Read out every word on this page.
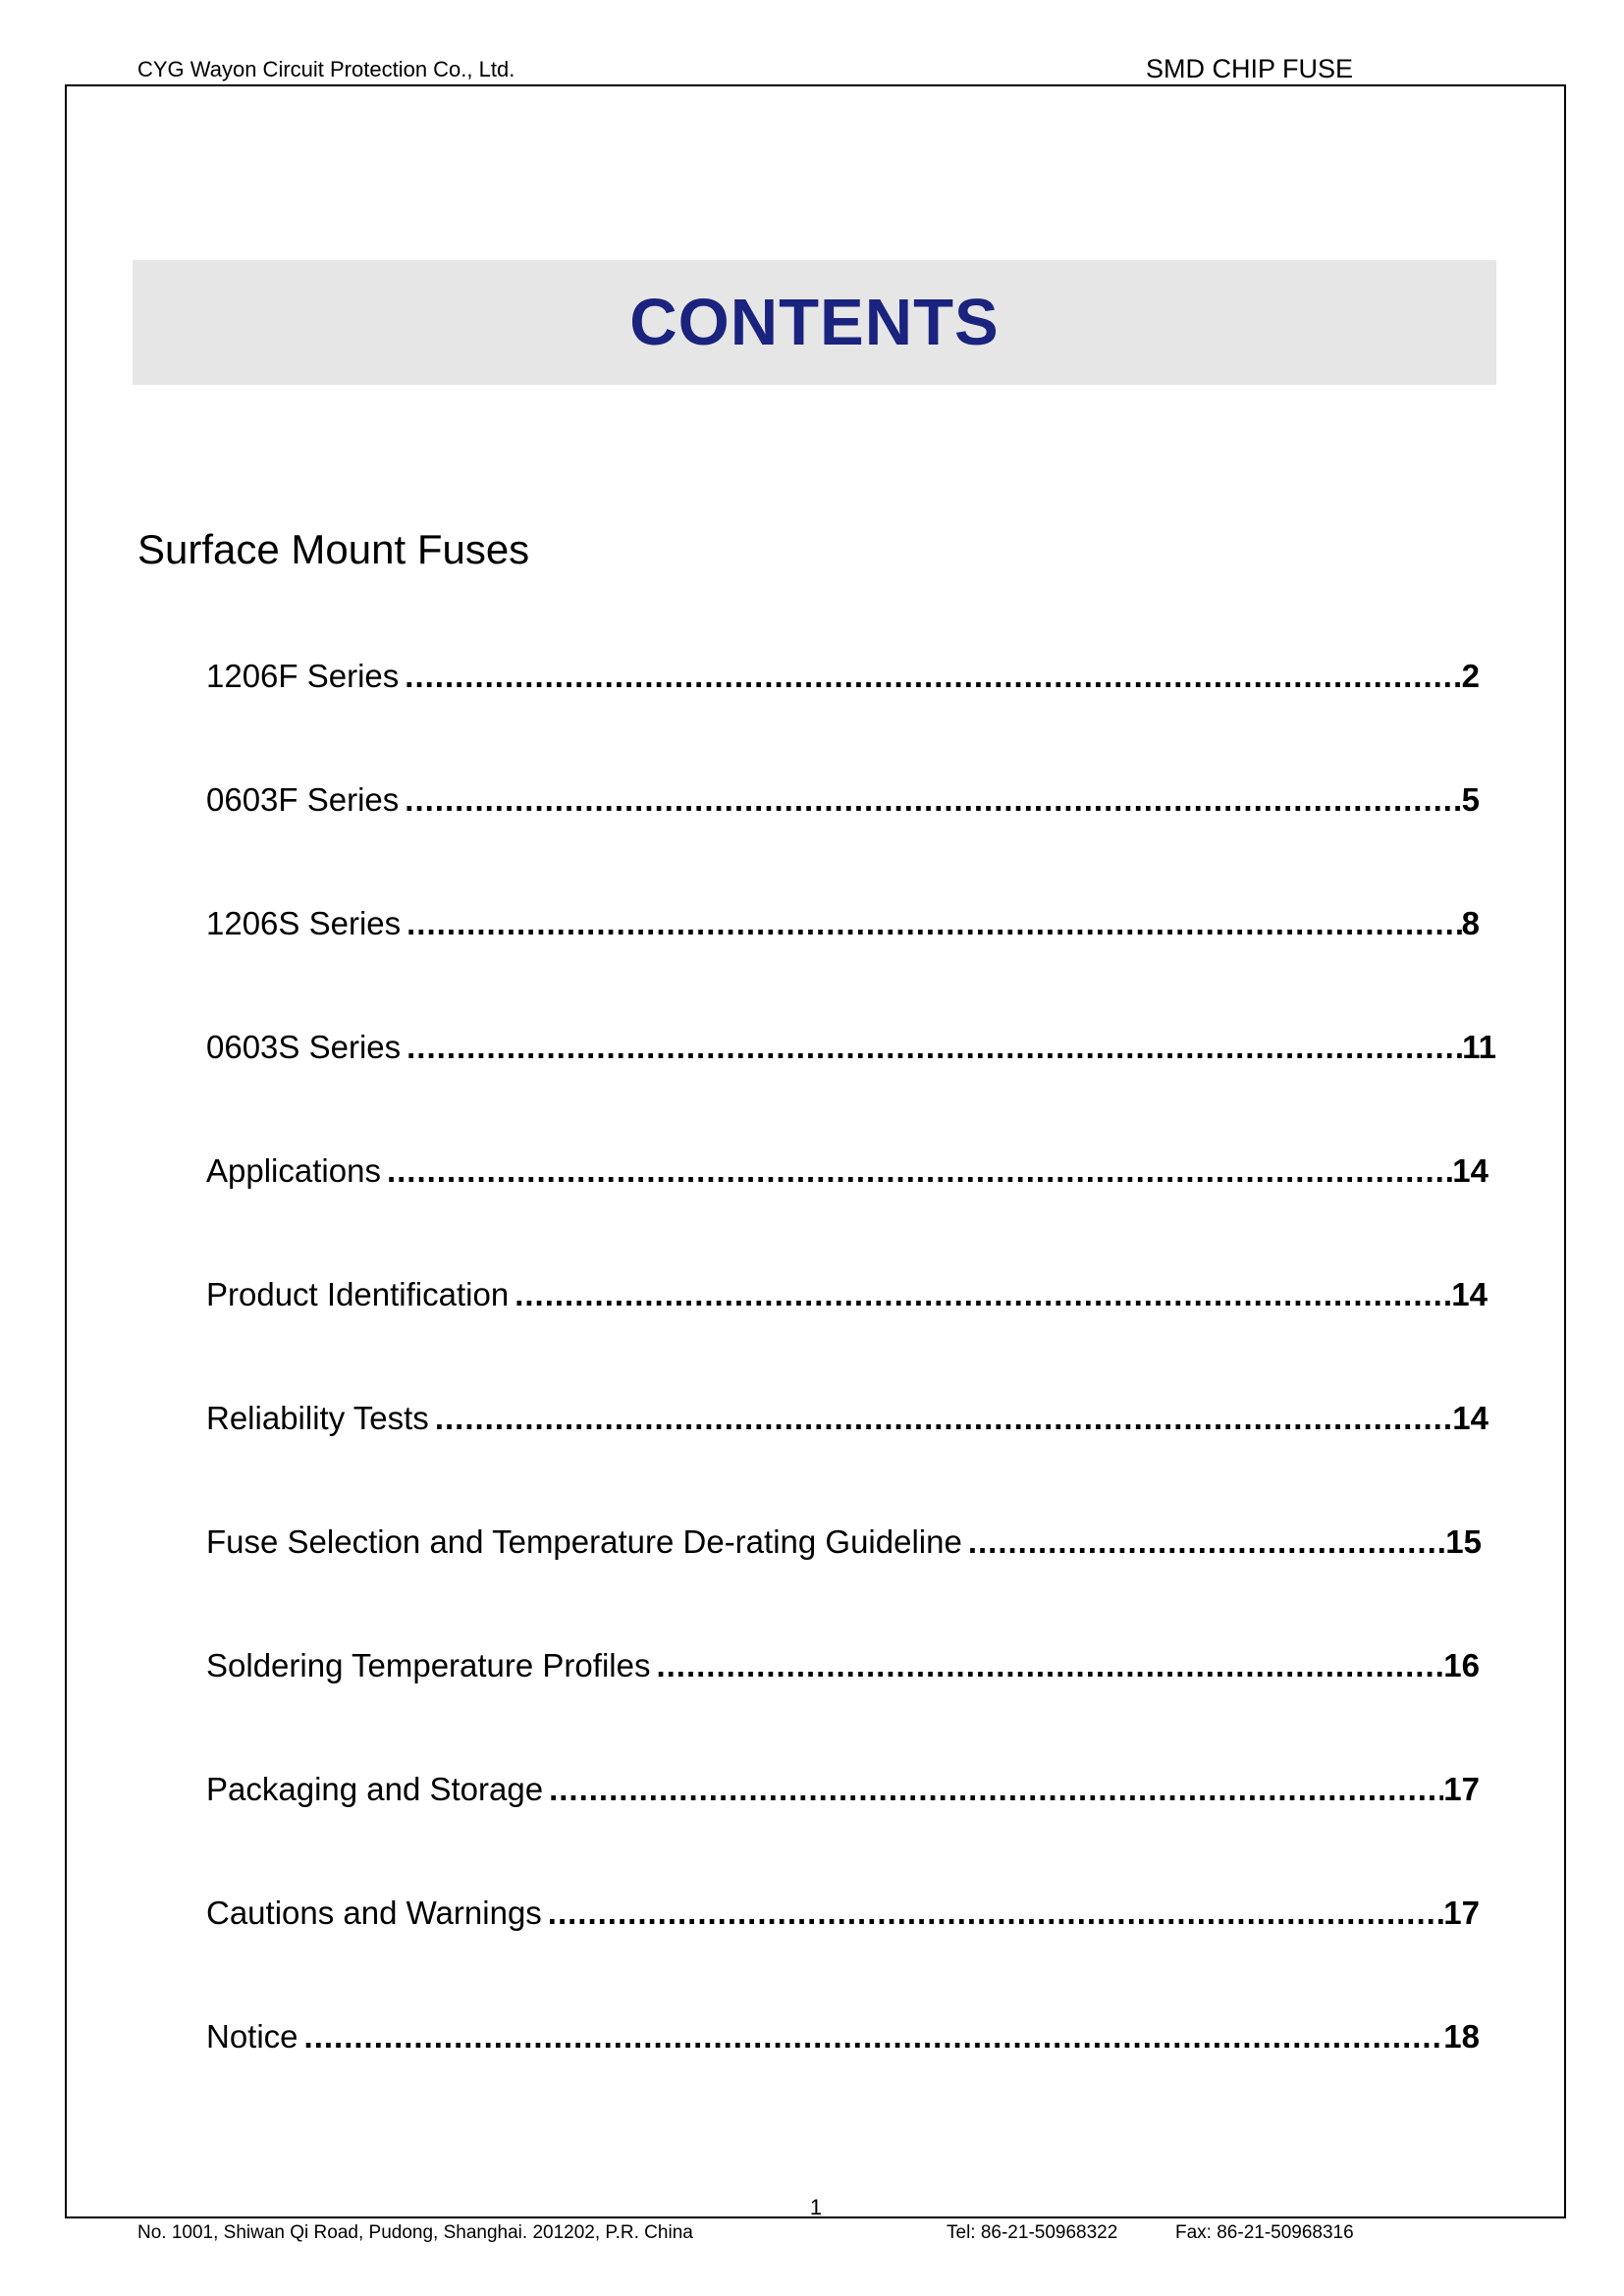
CYG Wayon Circuit Protection Co., Ltd.	SMD CHIP FUSE
CONTENTS
Surface Mount Fuses
1206F Series .....	2
0603F Series .....	5
1206S Series .....	8
0603S Series .....	11
Applications .....	14
Product Identification .....	14
Reliability Tests .....	14
Fuse Selection and Temperature De-rating Guideline .....	15
Soldering Temperature Profiles .....	16
Packaging and Storage .....	17
Cautions and Warnings .....	17
Notice .....	18
1
No. 1001, Shiwan Qi Road, Pudong, Shanghai. 201202, P.R. China	Tel: 86-21-50968322	Fax: 86-21-50968316
